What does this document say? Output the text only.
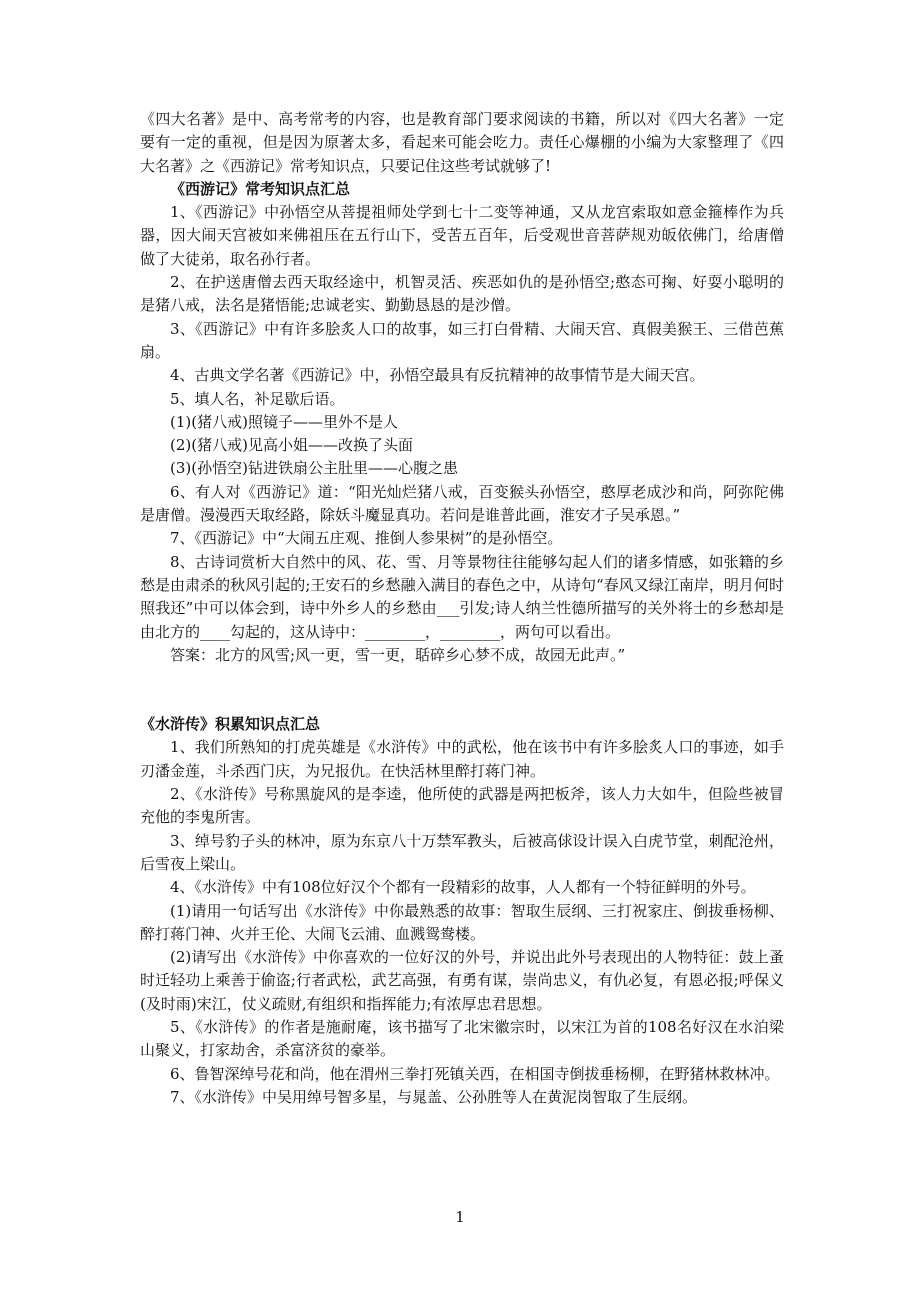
《四大名著》是中、高考常考的内容，也是教育部门要求阅读的书籍，所以对《四大名著》一定要有一定的重视，但是因为原著太多，看起来可能会吃力。责任心爆棚的小编为大家整理了《四大名著》之《西游记》常考知识点，只要记住这些考试就够了!

《西游记》常考知识点汇总

1、《西游记》中孙悟空从菩提祖师处学到七十二变等神通，又从龙宫索取如意金箍棒作为兵器，因大闹天宫被如来佛祖压在五行山下，受苦五百年，后受观世音菩萨规劝皈依佛门，给唐僧做了大徒弟，取名孙行者。

2、在护送唐僧去西天取经途中，机智灵活、疾恶如仇的是孙悟空;憨态可掬、好耍小聪明的是猪八戒，法名是猪悟能;忠诚老实、勤勤恳恳的是沙僧。

3、《西游记》中有许多脍炙人口的故事，如三打白骨精、大闹天宫、真假美猴王、三借芭蕉扇。

4、古典文学名著《西游记》中，孙悟空最具有反抗精神的故事情节是大闹天宫。

5、填人名，补足歇后语。

(1)(猪八戒)照镜子——里外不是人

(2)(猪八戒)见高小姐——改换了头面

(3)(孙悟空)钻进铁扇公主肚里——心腹之患

6、有人对《西游记》道：“阳光灿烂猪八戒，百变猴头孙悟空，憨厚老成沙和尚，阿弥陀佛是唐僧。漫漫西天取经路，除妖斗魔显真功。若问是谁普此画，淮安才子吴承恩。”

7、《西游记》中“大闹五庄观、推倒人参果树”的是孙悟空。

8、古诗词赏析大自然中的风、花、雪、月等景物往往能够勾起人们的诸多情感，如张籍的乡愁是由肃杀的秋风引起的;王安石的乡愁融入满目的春色之中，从诗句“春风又绿江南岸，明月何时照我还”中可以体会到，诗中外乡人的乡愁由___引发;诗人纳兰性德所描写的关外将士的乡愁却是由北方的____勾起的，这从诗中：________，________，两句可以看出。

答案：北方的风雪;风一更，雪一更，聒碎乡心梦不成，故园无此声。”

《水浒传》积累知识点汇总

1、我们所熟知的打虎英雄是《水浒传》中的武松，他在该书中有许多脍炙人口的事迹，如手刃潘金莲，斗杀西门庆，为兄报仇。在快活林里醉打蒋门神。

2、《水浒传》号称黑旋风的是李逵，他所使的武器是两把板斧，该人力大如牛，但险些被冒充他的李鬼所害。

3、绰号豹子头的林冲，原为东京八十万禁军教头，后被高俅设计误入白虎节堂，刺配沧州，后雪夜上梁山。

4、《水浒传》中有108位好汉个个都有一段精彩的故事，人人都有一个特征鲜明的外号。

(1)请用一句话写出《水浒传》中你最熟悉的故事：智取生辰纲、三打祝家庄、倒拔垂杨柳、醉打蒋门神、火并王伦、大闹飞云浦、血溅鸳鸯楼。

(2)请写出《水浒传》中你喜欢的一位好汉的外号，并说出此外号表现出的人物特征：鼓上蚤时迁轻功上乘善于偷盗;行者武松，武艺高强，有勇有谋，崇尚忠义，有仇必复，有恩必报;呼保义(及时雨)宋江，仗义疏财,有组织和指挥能力;有浓厚忠君思想。

5、《水浒传》的作者是施耐庵，该书描写了北宋徽宗时，以宋江为首的108名好汉在水泊梁山聚义，打家劫舍，杀富济贫的豪举。

6、鲁智深绰号花和尚，他在渭州三拳打死镇关西，在相国寺倒拔垂杨柳，在野猪林救林冲。

7、《水浒传》中吴用绰号智多星，与晁盖、公孙胜等人在黄泥岗智取了生辰纲。

1
